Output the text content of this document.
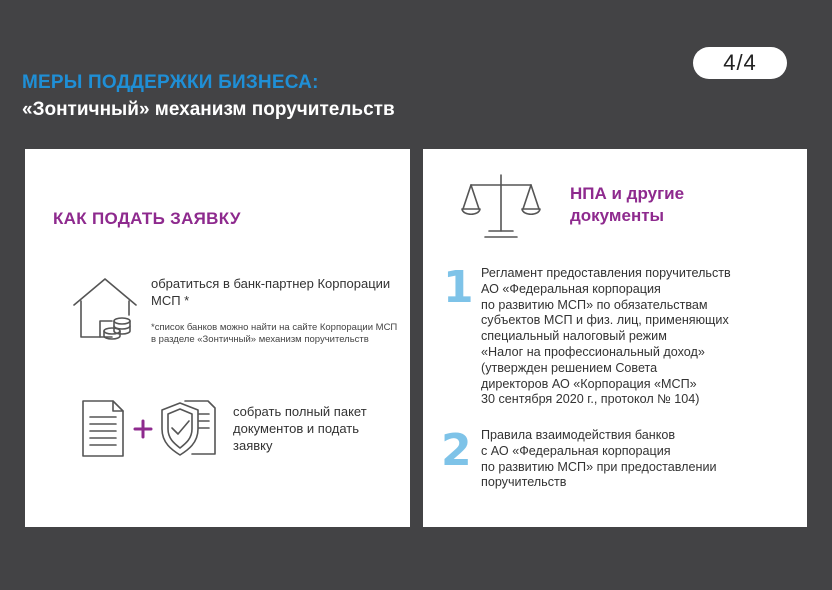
4/4
МЕРЫ ПОДДЕРЖКИ БИЗНЕСА:
«Зонтичный» механизм поручительств
КАК ПОДАТЬ ЗАЯВКУ
обратиться в банк-партнер Корпорации МСП *
*список банков можно найти на сайте Корпорации МСП в разделе «Зонтичный» механизм поручительств
собрать полный пакет документов и подать заявку
НПА и другие документы
1 Регламент предоставления поручительств
АО «Федеральная корпорация
по развитию МСП» по обязательствам
субъектов МСП и физ. лиц, применяющих
специальный налоговый режим
«Налог на профессиональный доход»
(утвержден решением Совета
директоров АО «Корпорация «МСП»
30 сентября 2020 г., протокол № 104)
2 Правила взаимодействия банков
с АО «Федеральная корпорация
по развитию МСП» при предоставлении
поручительств
